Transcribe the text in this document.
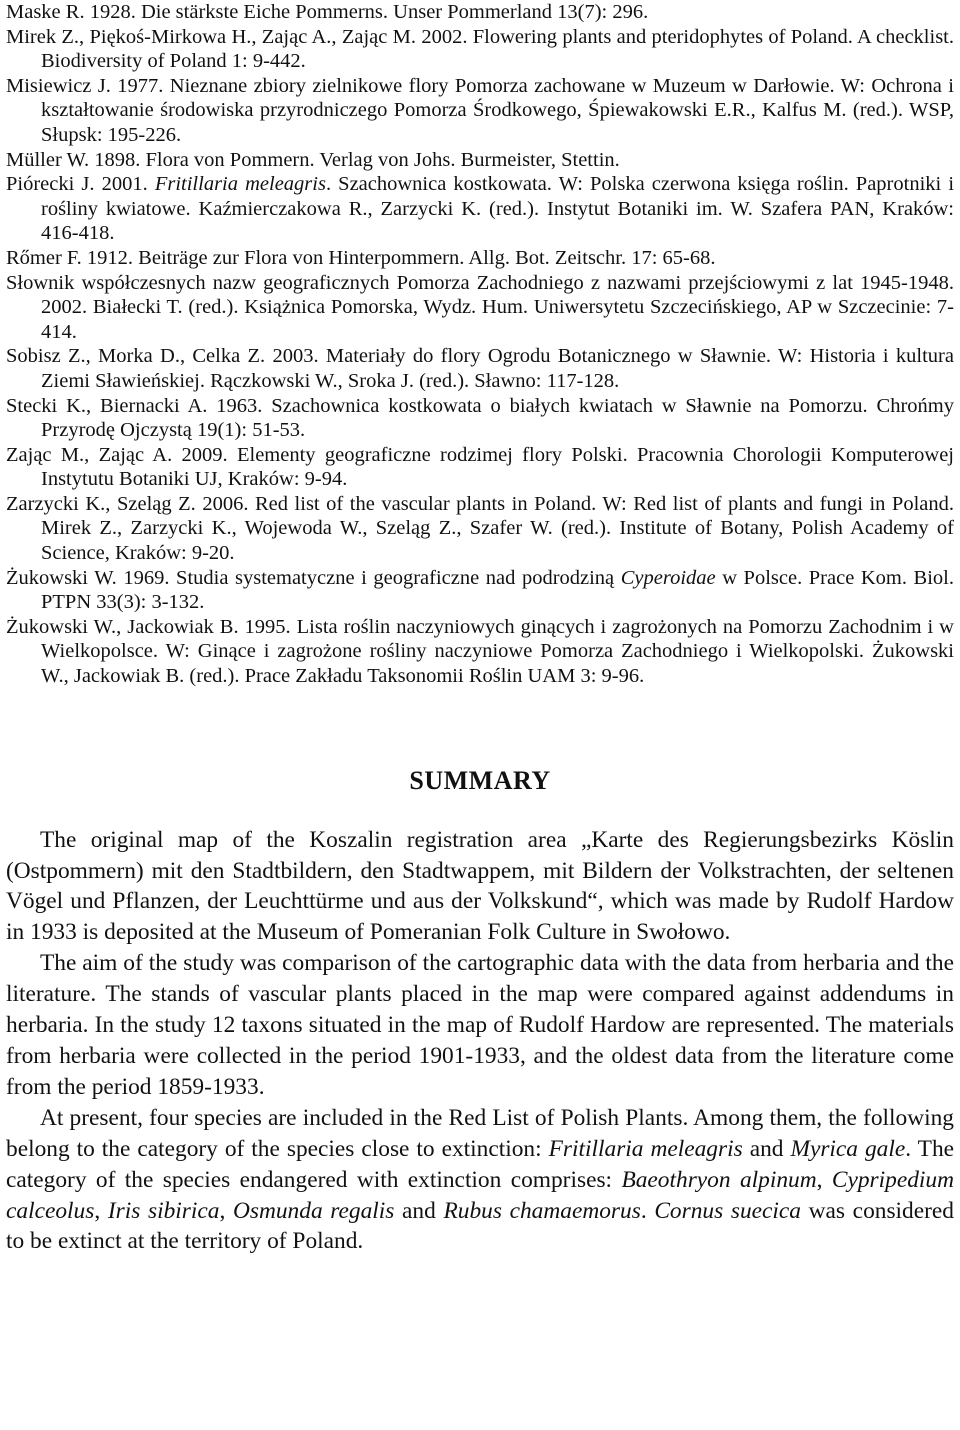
Maske R. 1928. Die stärkste Eiche Pommerns. Unser Pommerland 13(7): 296.
Mirek Z., Piękoś-Mirkowa H., Zając A., Zając M. 2002. Flowering plants and pteridophytes of Poland. A checklist. Biodiversity of Poland 1: 9-442.
Misiewicz J. 1977. Nieznane zbiory zielnikowe flory Pomorza zachowane w Muzeum w Darłowie. W: Ochrona i kształtowanie środowiska przyrodniczego Pomorza Środkowego, Śpiewakowski E.R., Kalfus M. (red.). WSP, Słupsk: 195-226.
Müller W. 1898. Flora von Pommern. Verlag von Johs. Burmeister, Stettin.
Piórecki J. 2001. Fritillaria meleagris. Szachownica kostkowata. W: Polska czerwona księga roślin. Paprotniki i rośliny kwiatowe. Kaźmierczakowa R., Zarzycki K. (red.). Instytut Botaniki im. W. Szafera PAN, Kraków: 416-418.
Rőmer F. 1912. Beiträge zur Flora von Hinterpommern. Allg. Bot. Zeitschr. 17: 65-68.
Słownik współczesnych nazw geograficznych Pomorza Zachodniego z nazwami przejściowymi z lat 1945-1948. 2002. Białecki T. (red.). Książnica Pomorska, Wydz. Hum. Uniwersytetu Szczecińskiego, AP w Szczecinie: 7-414.
Sobisz Z., Morka D., Celka Z. 2003. Materiały do flory Ogrodu Botanicznego w Sławnie. W: Historia i kultura Ziemi Sławieńskiej. Rączkowski W., Sroka J. (red.). Sławno: 117-128.
Stecki K., Biernacki A. 1963. Szachownica kostkowata o białych kwiatach w Sławnie na Pomorzu. Chrońmy Przyrodę Ojczystą 19(1): 51-53.
Zając M., Zając A. 2009. Elementy geograficzne rodzimej flory Polski. Pracownia Chorologii Komputerowej Instytutu Botaniki UJ, Kraków: 9-94.
Zarzycki K., Szeląg Z. 2006. Red list of the vascular plants in Poland. W: Red list of plants and fungi in Poland. Mirek Z., Zarzycki K., Wojewoda W., Szeląg Z., Szafer W. (red.). Institute of Botany, Polish Academy of Science, Kraków: 9-20.
Żukowski W. 1969. Studia systematyczne i geograficzne nad podrodziną Cyperoidae w Polsce. Prace Kom. Biol. PTPN 33(3): 3-132.
Żukowski W., Jackowiak B. 1995. Lista roślin naczyniowych ginących i zagrożonych na Pomorzu Zachodnim i w Wielkopolsce. W: Ginące i zagrożone rośliny naczyniowe Pomorza Zachodniego i Wielkopolski. Żukowski W., Jackowiak B. (red.). Prace Zakładu Taksonomii Roślin UAM 3: 9-96.
SUMMARY

The original map of the Koszalin registration area „Karte des Regierungsbezirks Köslin (Ostpommern) mit den Stadtbildern, den Stadtwappem, mit Bildern der Volkstrachten, der seltenen Vögel und Pflanzen, der Leuchttürme und aus der Volkskund“, which was made by Rudolf Hardow in 1933 is deposited at the Museum of Pomeranian Folk Culture in Swołowo.

The aim of the study was comparison of the cartographic data with the data from herbaria and the literature. The stands of vascular plants placed in the map were compared against addendums in herbaria. In the study 12 taxons situated in the map of Rudolf Hardow are represented. The materials from herbaria were collected in the period 1901-1933, and the oldest data from the literature come from the period 1859-1933.

At present, four species are included in the Red List of Polish Plants. Among them, the following belong to the category of the species close to extinction: Fritillaria meleagris and Myrica gale. The category of the species endangered with extinction comprises: Baeothryon alpinum, Cypripedium calceolus, Iris sibirica, Osmunda regalis and Rubus chamaemorus. Cornus suecica was considered to be extinct at the territory of Poland.
